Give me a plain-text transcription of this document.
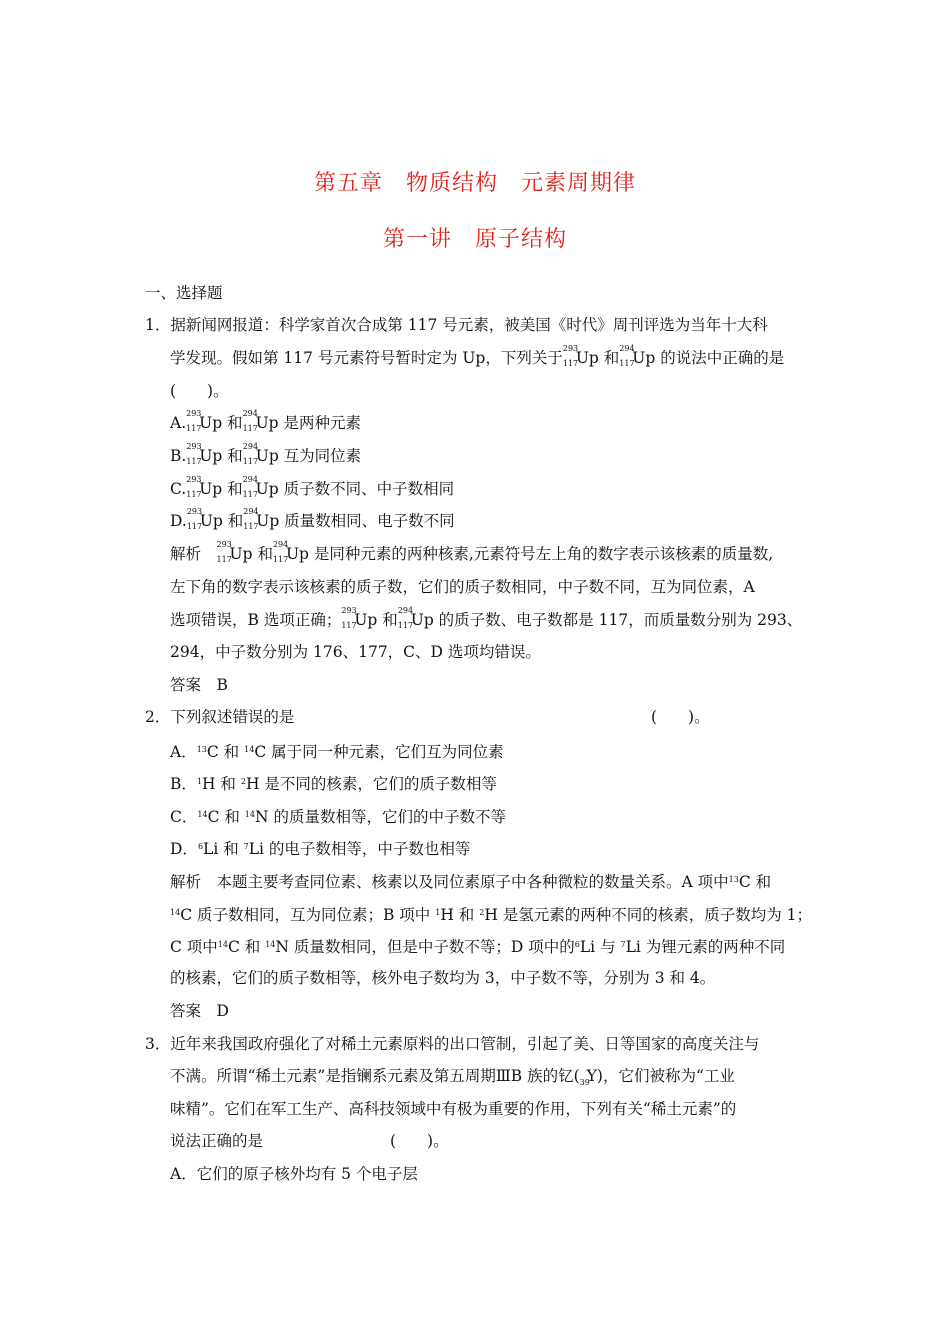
第五章　物质结构　元素周期律
第一讲　原子结构
一、选择题
1．据新闻网报道：科学家首次合成第 117 号元素，被美国《时代》周刊评选为当年十大科
学发现。假如第 117 号元素符号暂时定为 Up，下列关于
293
117
Up 和
294
117
Up 的说法中正确的是
(　　)。
A.
293
117
Up 和
294
117
Up 是两种元素
B.
293
117
Up 和
294
117
Up 互为同位素
C.
293
117
Up 和
294
117
Up 质子数不同、中子数相同
D.
293
117
Up 和
294
117
Up 质量数相同、电子数不同
解析　
293
117
Up 和
294
117
Up 是同种元素的两种核素,元素符号左上角的数字表示该核素的质量数,
左下角的数字表示该核素的质子数，它们的质子数相同，中子数不同，互为同位素，A
选项错误，B 选项正确；
293
117
Up 和
294
117
Up 的质子数、电子数都是 117，而质量数分别为 293、
294，中子数分别为 176、177，C、D 选项均错误。
答案　B
2．下列叙述错误的是	(　　)。
A．$^{13}$C 和 $^{14}$C 属于同一种元素，它们互为同位素
B．$^1$H 和 $^2$H 是不同的核素，它们的质子数相等
C．$^{14}$C 和 $^{14}$N 的质量数相等，它们的中子数不等
D．$^6$Li 和 $^7$Li 的电子数相等，中子数也相等
解析　 本题主要考查同位素、核素以及同位素原子中各种微粒的数量关系。A 项中$^{13}$C 和
$^{14}$C 质子数相同，互为同位素；B 项中 $^1$H 和 $^2$H 是氢元素的两种不同的核素，质子数均为 1；
C 项中$^{14}$C 和 $^{14}$N 质量数相同，但是中子数不等；D 项中的$^6$Li 与 $^7$Li 为锂元素的两种不同
的核素，它们的质子数相等，核外电子数均为 3，中子数不等，分别为 3 和 4。
答案　D
3．近年来我国政府强化了对稀土元素原料的出口管制，引起了美、日等国家的高度关注与
不满。所谓“稀土元素”是指镧系元素及第五周期ⅢB 族的钇( 39
Y)，它们被称为“工业
味精”。它们在军工生产、高科技领域中有极为重要的作用，下列有关“稀土元素”的
说法正确的是	(　　)。
A．它们的原子核外均有 5 个电子层
